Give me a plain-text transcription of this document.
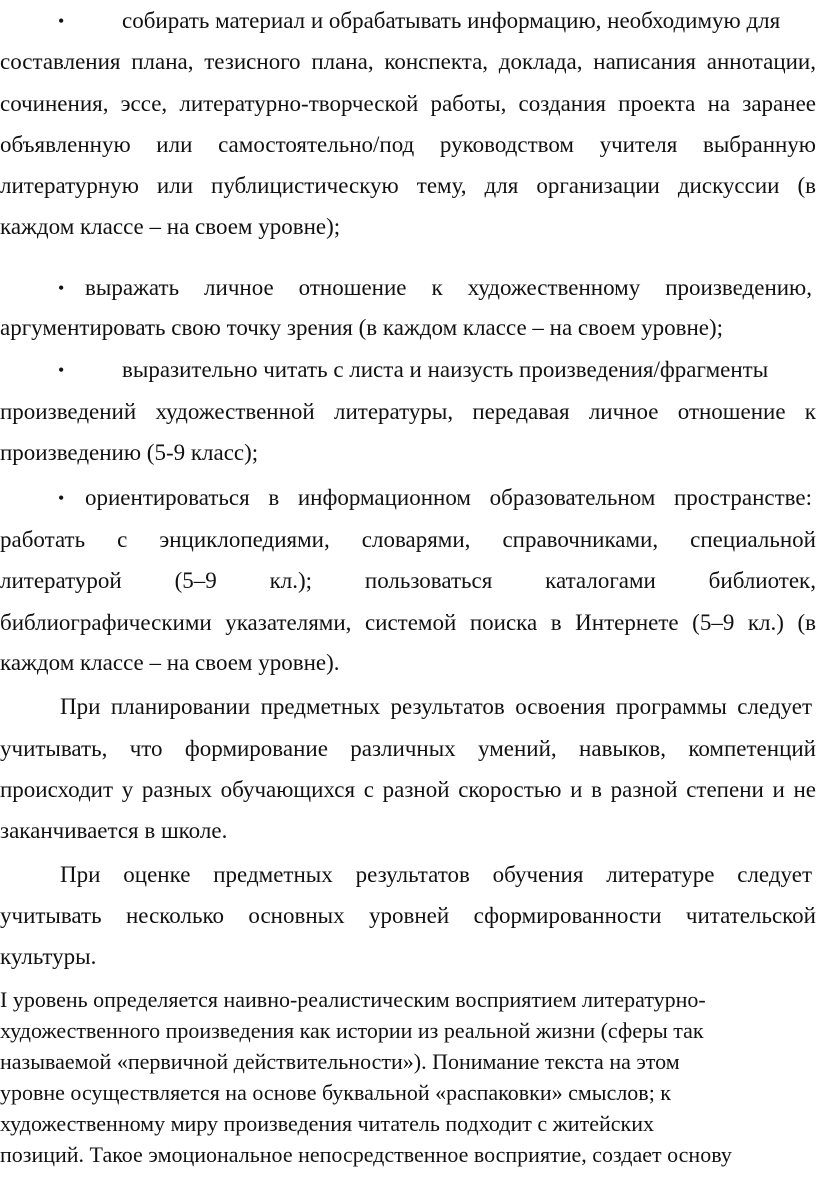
•	собирать материал и обрабатывать информацию, необходимую для
составления плана, тезисного плана, конспекта, доклада, написания аннотации,
сочинения, эссе, литературно-творческой работы, создания проекта на заранее
объявленную или самостоятельно/под руководством учителя выбранную
литературную или публицистическую тему, для организации дискуссии (в
каждом классе – на своем уровне);
• выражать личное отношение к художественному произведению,
аргументировать свою точку зрения (в каждом классе – на своем уровне);
•	выразительно читать с листа и наизусть произведения/фрагменты
произведений художественной литературы, передавая личное отношение к
произведению (5-9 класс);
• ориентироваться в информационном образовательном пространстве:
работать с энциклопедиями, словарями, справочниками, специальной
литературой (5–9 кл.); пользоваться каталогами библиотек,
библиографическими указателями, системой поиска в Интернете (5–9 кл.) (в
каждом классе – на своем уровне).
При планировании предметных результатов освоения программы следует
учитывать, что формирование различных умений, навыков, компетенций
происходит у разных обучающихся с разной скоростью и в разной степени и не
заканчивается в школе.
При оценке предметных результатов обучения литературе следует
учитывать несколько основных уровней сформированности читательской
культуры.
I уровень определяется наивно-реалистическим восприятием литературно-
художественного произведения как истории из реальной жизни (сферы так
называемой «первичной действительности»). Понимание текста на этом
уровне осуществляется на основе буквальной «распаковки» смыслов; к
художественному миру произведения читатель подходит с житейских
позиций. Такое эмоциональное непосредственное восприятие, создает основу
